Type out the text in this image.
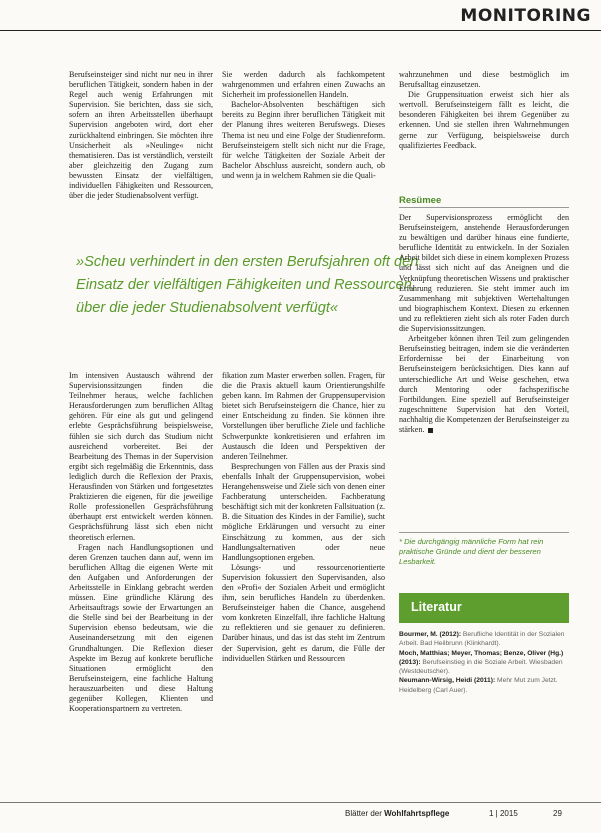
MONITORING

Berufseinsteiger sind nicht nur neu in ihrer beruflichen Tätigkeit, sondern haben in der Regel auch wenig Erfahrungen mit Supervision. Sie berichten, dass sie sich, sofern an ihren Arbeitsstellen überhaupt Supervision angeboten wird, dort eher zurückhaltend einbringen. Sie möchten ihre Unsicherheit als »Neulinge« nicht thematisieren. Das ist verständlich, versteilt aber gleichzeitig den Zugang zum bewussten Einsatz der vielfältigen, individuellen Fähigkeiten und Ressourcen, über die jeder Studienabsolvent verfügt.

Sie werden dadurch als fachkompetent wahrgenommen und erfahren einen Zuwachs an Sicherheit im professionellen Handeln.

Bachelor-Absolventen beschäftigen sich bereits zu Beginn ihrer beruflichen Tätigkeit mit der Planung ihres weiteren Berufswegs. Dieses Thema ist neu und eine Folge der Studienreform. Berufseinsteigern stellt sich nicht nur die Frage, für welche Tätigkeiten der Soziale Arbeit der Bachelor Abschluss ausreicht, sondern auch, ob und wenn ja in welchem Rahmen sie die Quali-

»Scheu verhindert in den ersten Berufsjahren oft den Einsatz der vielfältigen Fähigkeiten und Ressourcen, über die jeder Studienabsolvent verfügt«

Im intensiven Austausch während der Supervisionssitzungen finden die Teilnehmer heraus, welche fachlichen Herausforderungen zum beruflichen Alltag gehören. Für eine als gut und gelingend erlebte Gesprächsführung beispielsweise, fühlen sie sich durch das Studium nicht ausreichend vorbereitet. Bei der Bearbeitung des Themas in der Supervision ergibt sich regelmäßig die Erkenntnis, dass lediglich durch die Reflexion der Praxis, Herausfinden von Stärken und fortgesetztes Praktizieren die eigenen, für die jeweilige Rolle professionellen Gesprächsführung überhaupt erst entwickelt werden können. Gesprächsführung lässt sich eben nicht theoretisch erlernen.

Fragen nach Handlungsoptionen und deren Grenzen tauchen dann auf, wenn im beruflichen Alltag die eigenen Werte mit den Aufgaben und Anforderungen der Arbeitsstelle in Einklang gebracht werden müssen. Eine gründliche Klärung des Arbeitsauftrags sowie der Erwartungen an die Stelle sind bei der Bearbeitung in der Supervision ebenso bedeutsam, wie die Auseinandersetzung mit den eigenen Grundhaltungen. Die Reflexion dieser Aspekte im Bezug auf konkrete berufliche Situationen ermöglicht den Berufseinsteigern, eine fachliche Haltung herauszuarbeiten und diese Haltung gegenüber Kollegen, Klienten und Kooperationspartnern zu vertreten.

fikation zum Master erwerben sollen. Fragen, für die die Praxis aktuell kaum Orientierungshilfe geben kann. Im Rahmen der Gruppensupervision bietet sich Berufseinsteigern die Chance, hier zu einer Entscheidung zu finden. Sie können ihre Vorstellungen über berufliche Ziele und fachliche Schwerpunkte konkretisieren und erfahren im Austausch die Ideen und Perspektiven der anderen Teilnehmer.

Besprechungen von Fällen aus der Praxis sind ebenfalls Inhalt der Gruppensupervision, wobei Herangehensweise und Ziele sich von denen einer Fachberatung unterscheiden. Fachberatung beschäftigt sich mit der konkreten Fallsituation (z. B. die Situation des Kindes in der Familie), sucht mögliche Erklärungen und versucht zu einer Einschätzung zu kommen, aus der sich Handlungsalternativen oder neue Handlungsoptionen ergeben.

Lösungs- und ressourcenorientierte Supervision fokussiert den Supervisanden, also den »Profi« der Sozialen Arbeit und ermöglicht ihm, sein berufliches Handeln zu überdenken. Berufseinsteiger haben die Chance, ausgehend vom konkreten Einzelfall, ihre fachliche Haltung zu reflektieren und sie genauer zu definieren. Darüber hinaus, und das ist das steht im Zentrum der Supervision, geht es darum, die Fülle der individuellen Stärken und Ressourcen

wahrzunehmen und diese bestmöglich im Berufsalltag einzusetzen.

Die Gruppensituation erweist sich hier als wertvoll. Berufseinsteigern fällt es leicht, die besonderen Fähigkeiten bei ihrem Gegenüber zu erkennen. Und sie stellen ihren Wahrnehmungen gerne zur Verfügung, beispielsweise durch qualifiziertes Feedback.

Resümee

Der Supervisionsprozess ermöglicht den Berufseinsteigern, anstehende Herausforderungen zu bewältigen und darüber hinaus eine fundierte, berufliche Identität zu entwickeln. In der Sozialen Arbeit bildet sich diese in einem komplexen Prozess und lässt sich nicht auf das Aneignen und die Verknüpfung theoretischen Wissens und praktischer Erfahrung reduzieren. Sie steht immer auch im Zusammenhang mit subjektiven Wertehaltungen und biographischem Kontext. Diesen zu erkennen und zu reflektieren zieht sich als roter Faden durch die Supervisionssitzungen.

Arbeitgeber können ihren Teil zum gelingenden Berufseinstieg beitragen, indem sie die veränderten Erfordernisse bei der Einarbeitung von Berufseinsteigern berücksichtigen. Dies kann auf unterschiedliche Art und Weise geschehen, etwa durch Mentoring oder fachspezifische Fortbildungen. Eine speziell auf Berufseinsteiger zugeschnittene Supervision hat den Vorteil, nachhaltig die Kompetenzen der Berufseinsteiger zu stärken.

* Die durchgängig männliche Form hat rein praktische Gründe und dient der besseren Lesbarkeit.
Literatur

Bourmer, M. (2012): Berufliche Identität in der Sozialen Arbeit. Bad Heilbrunn (Klinkhardt).

Moch, Matthias; Meyer, Thomas; Benze, Oliver (Hg.) (2013): Berufseinstieg in die Soziale Arbeit. Wiesbaden (Westdeutscher).

Neumann-Wirsig, Heidi (2011): Mehr Mut zum Jetzt. Heidelberg (Carl Auer).

Blätter der Wohlfahrtspflege	1 | 2015	29
